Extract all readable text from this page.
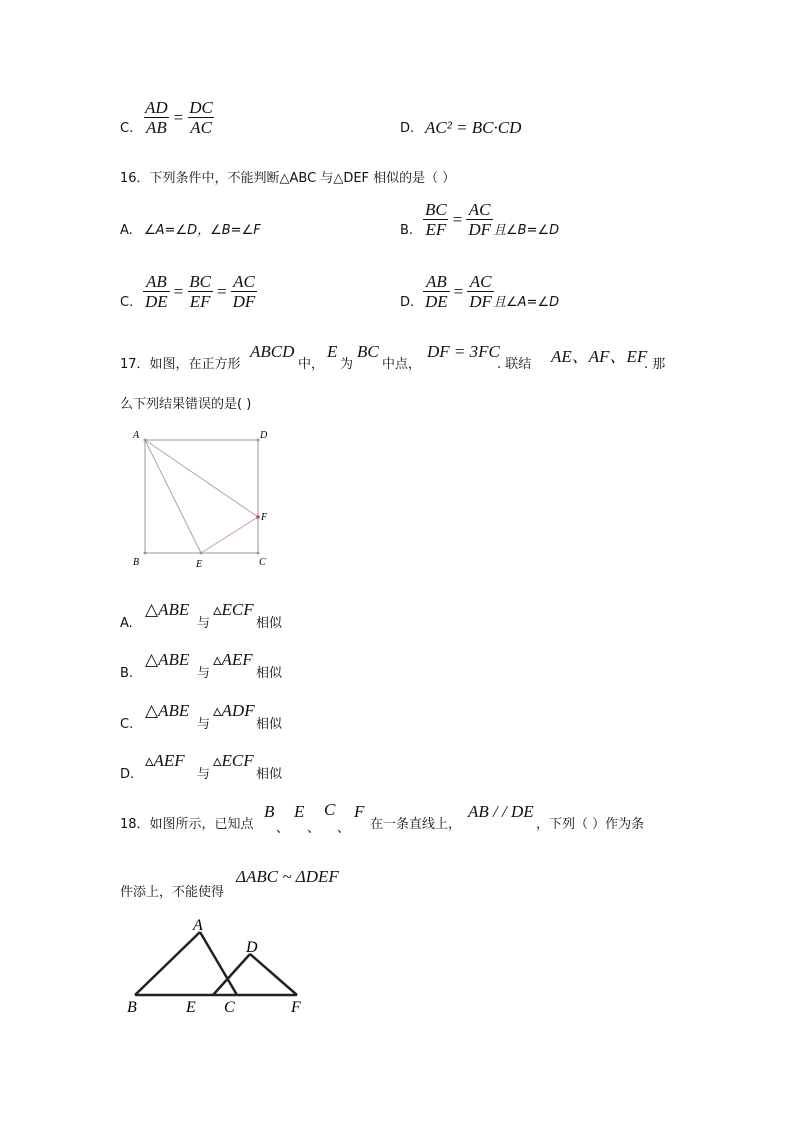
C. $\frac{AD}{AB} = \frac{DC}{AC}$	D. AC² = BC·CD
16．下列条件中，不能判断△ABC 与△DEF 相似的是（ ）
A. ∠A=∠D，∠B=∠F	B. $\frac{BC}{EF} = \frac{AC}{DF}$ 且∠B=∠D
C. $\frac{AB}{DE} = \frac{BC}{EF} = \frac{AC}{DF}$	D. $\frac{AB}{DE} = \frac{AC}{DF}$ 且∠A=∠D
17．如图，在正方形
ABCD
中，
E
为
BC
中点，
DF = 3FC
. 联结 AE、AF、EF
. 那
么下列结果错误的是( )
A	D
B	E	C
F
A.
△ABE
与
▵ECF
相似
B.
△ABE
与
▵AEF
相似
C.
△ABE
与
▵ADF
相似
D.
▵AEF
与
▵ECF
相似
18．如图所示，已知点
B
、
E
、
C
、
F
在一条直线上，
AB / / DE
，下列（ ）作为条
件添上，不能使得
ΔABC ~ ΔDEF
A
D
B	E C	F
